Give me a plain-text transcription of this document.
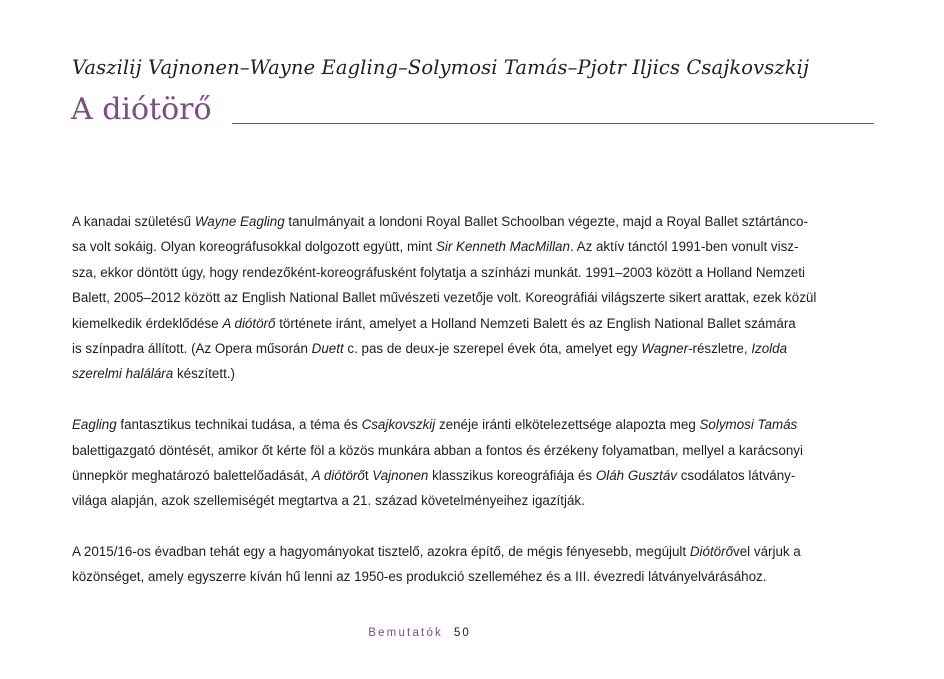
Vaszilij Vajnonen–Wayne Eagling–Solymosi Tamás–Pjotr Iljics Csajkovszkij
A diótörő
A kanadai születésű Wayne Eagling tanulmányait a londoni Royal Ballet Schoolban végezte, majd a Royal Ballet sztártánco-
sa volt sokáig. Olyan koreográfusokkal dolgozott együtt, mint Sir Kenneth MacMillan. Az aktív tánctól 1991-ben vonult visz-
sza, ekkor döntött úgy, hogy rendezőként-koreográfusként folytatja a színházi munkát. 1991–2003 között a Holland Nemzeti
Balett, 2005–2012 között az English National Ballet művészeti vezetője volt. Koreográfiái világszerte sikert arattak, ezek közül
kiemelkedik érdeklődése A diótörő története iránt, amelyet a Holland Nemzeti Balett és az English National Ballet számára
is színpadra állított. (Az Opera műsorán Duett c. pas de deux-je szerepel évek óta, amelyet egy Wagner-részletre, Izolda
szerelmi halálára készített.)
Eagling fantasztikus technikai tudása, a téma és Csajkovszkij zenéje iránti elkötelezettsége alapozta meg Solymosi Tamás
balettigazgató döntését, amikor őt kérte föl a közös munkára abban a fontos és érzékeny folyamatban, mellyel a karácsonyi
ünnepkör meghatározó balettelőadását, A diótörőt Vajnonen klasszikus koreográfiája és Oláh Gusztáv csodálatos látvány-
világa alapján, azok szellemiségét megtartva a 21. század követelményeihez igazítják.
A 2015/16-os évadban tehát egy a hagyományokat tisztelő, azokra építő, de mégis fényesebb, megújult Diótörővel várjuk a
közönséget, amely egyszerre kíván hű lenni az 1950-es produkció szelleméhez és a III. évezredi látványelvárásához.
Bemutatók 50
